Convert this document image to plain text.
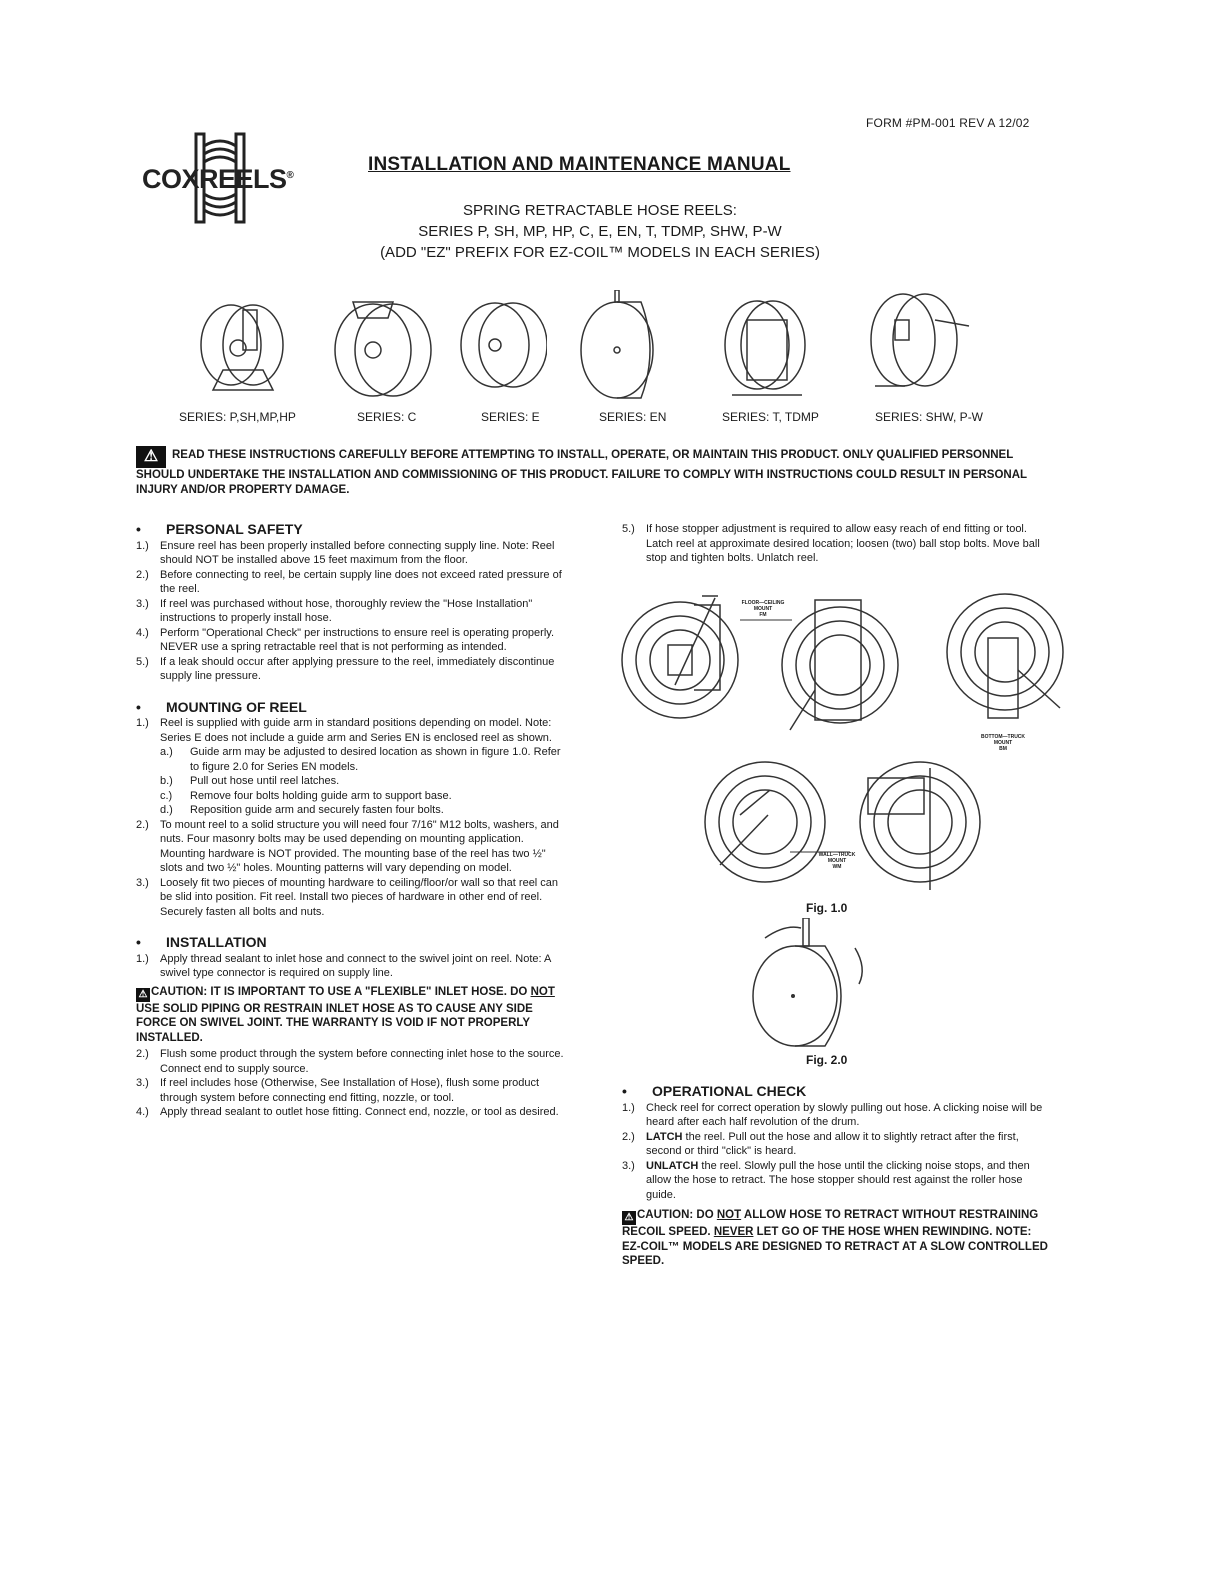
FORM #PM-001 REV A 12/02
COXREELS®
INSTALLATION AND MAINTENANCE MANUAL
SPRING RETRACTABLE HOSE REELS:
SERIES P, SH, MP, HP, C, E, EN, T, TDMP, SHW, P-W
(ADD "EZ" PREFIX FOR EZ-COIL™ MODELS IN EACH SERIES)
SERIES: P,SH,MP,HP	SERIES: C	SERIES: E	SERIES: EN	SERIES: T, TDMP	SERIES: SHW, P-W
⚠ READ THESE INSTRUCTIONS CAREFULLY BEFORE ATTEMPTING TO INSTALL, OPERATE, OR MAINTAIN THIS PRODUCT. ONLY QUALIFIED PERSONNEL SHOULD UNDERTAKE THE INSTALLATION AND COMMISSIONING OF THIS PRODUCT. FAILURE TO COMPLY WITH INSTRUCTIONS COULD RESULT IN PERSONAL INJURY AND/OR PROPERTY DAMAGE.
• PERSONAL SAFETY
1.)	Ensure reel has been properly installed before connecting supply line. Note: Reel should NOT be installed above 15 feet maximum from the floor.
2.)	Before connecting to reel, be certain supply line does not exceed rated pressure of the reel.
3.)	If reel was purchased without hose, thoroughly review the "Hose Installation" instructions to properly install hose.
4.)	Perform "Operational Check" per instructions to ensure reel is operating properly. NEVER use a spring retractable reel that is not performing as intended.
5.)	If a leak should occur after applying pressure to the reel, immediately discontinue supply line pressure.
• MOUNTING OF REEL
1.)	Reel is supplied with guide arm in standard positions depending on model. Note: Series E does not include a guide arm and Series EN is enclosed reel as shown.
a.)	Guide arm may be adjusted to desired location as shown in figure 1.0. Refer to figure 2.0 for Series EN models.
b.)	Pull out hose until reel latches.
c.)	Remove four bolts holding guide arm to support base.
d.)	Reposition guide arm and securely fasten four bolts.
2.)	To mount reel to a solid structure you will need four 7/16" M12 bolts, washers, and nuts. Four masonry bolts may be used depending on mounting application. Mounting hardware is NOT provided. The mounting base of the reel has two ½" slots and two ½" holes. Mounting patterns will vary depending on model.
3.)	Loosely fit two pieces of mounting hardware to ceiling/floor/or wall so that reel can be slid into position. Fit reel. Install two pieces of hardware in other end of reel. Securely fasten all bolts and nuts.
• INSTALLATION
1.)	Apply thread sealant to inlet hose and connect to the swivel joint on reel. Note: A swivel type connector is required on supply line.
⚠ CAUTION: IT IS IMPORTANT TO USE A "FLEXIBLE" INLET HOSE. DO NOT USE SOLID PIPING OR RESTRAIN INLET HOSE AS TO CAUSE ANY SIDE FORCE ON SWIVEL JOINT. THE WARRANTY IS VOID IF NOT PROPERLY INSTALLED.
2.)	Flush some product through the system before connecting inlet hose to the source. Connect end to supply source.
3.)	If reel includes hose (Otherwise, See Installation of Hose), flush some product through system before connecting end fitting, nozzle, or tool.
4.)	Apply thread sealant to outlet hose fitting. Connect end, nozzle, or tool as desired.
5.)	If hose stopper adjustment is required to allow easy reach of end fitting or tool. Latch reel at approximate desired location; loosen (two) ball stop bolts. Move ball stop and tighten bolts. Unlatch reel.
FLOOR—CEILING
MOUNT
FM
BOTTOM—TRUCK
MOUNT
BM
WALL—TRUCK
MOUNT
WM
Fig. 1.0
Fig. 2.0
• OPERATIONAL CHECK
1.)	Check reel for correct operation by slowly pulling out hose. A clicking noise will be heard after each half revolution of the drum.
2.)	LATCH the reel. Pull out the hose and allow it to slightly retract after the first, second or third "click" is heard.
3.)	UNLATCH the reel. Slowly pull the hose until the clicking noise stops, and then allow the hose to retract. The hose stopper should rest against the roller hose guide.
⚠ CAUTION: DO NOT ALLOW HOSE TO RETRACT WITHOUT RESTRAINING RECOIL SPEED. NEVER LET GO OF THE HOSE WHEN REWINDING. NOTE: EZ-COIL™ MODELS ARE DESIGNED TO RETRACT AT A SLOW CONTROLLED SPEED.
